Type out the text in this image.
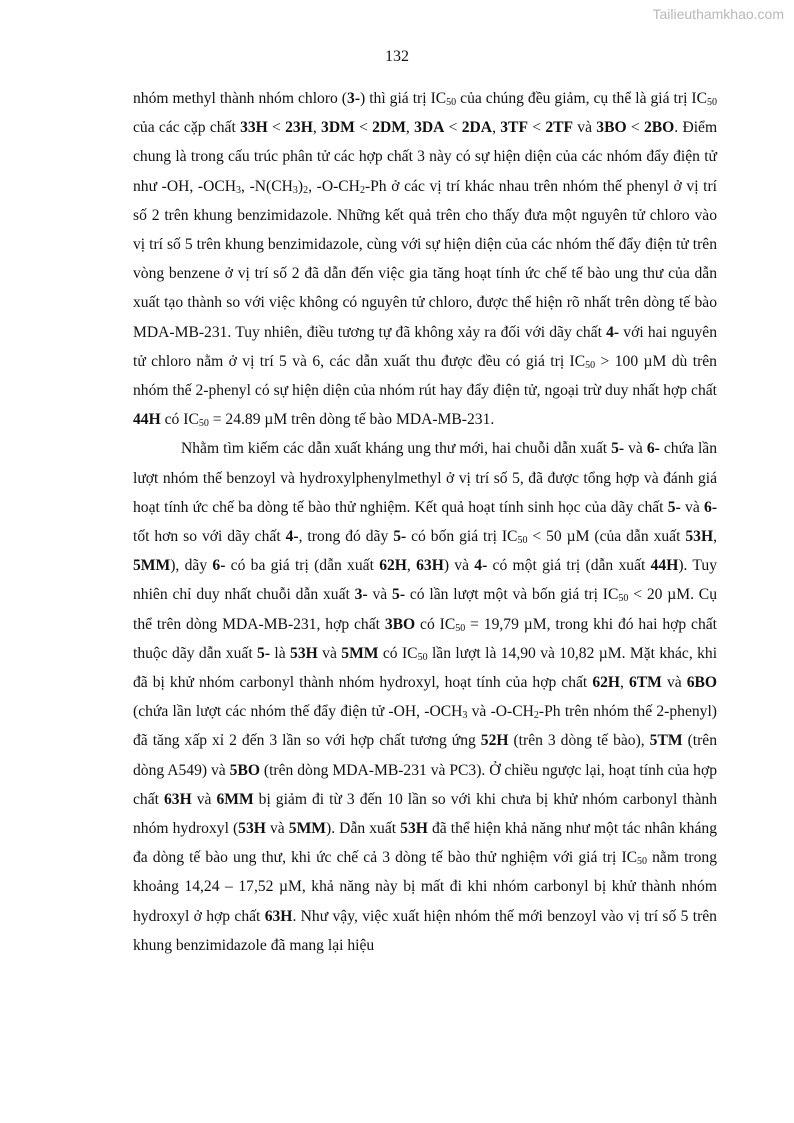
Tailieuthamkhao.com
132

nhóm methyl thành nhóm chloro (3-) thì giá trị $IC_{50}$ của chúng đều giảm, cụ thể là giá trị $IC_{50}$ của các cặp chất 33H < 23H, 3DM < 2DM, 3DA < 2DA, 3TF < 2TF và 3BO < 2BO. Điểm chung là trong cấu trúc phân tử các hợp chất 3 này có sự hiện diện của các nhóm đẩy điện tử như -OH, $-OCH_3$, $-N(CH_3)_2$, $-O-CH_2-Ph$ ở các vị trí khác nhau trên nhóm thế phenyl ở vị trí số 2 trên khung benzimidazole. Những kết quả trên cho thấy đưa một nguyên tử chloro vào vị trí số 5 trên khung benzimidazole, cùng với sự hiện diện của các nhóm thế đẩy điện tử trên vòng benzene ở vị trí số 2 đã dẫn đến việc gia tăng hoạt tính ức chế tế bào ung thư của dẫn xuất tạo thành so với việc không có nguyên tử chloro, được thể hiện rõ nhất trên dòng tế bào MDA-MB-231. Tuy nhiên, điều tương tự đã không xảy ra đối với dãy chất 4- với hai nguyên tử chloro nằm ở vị trí 5 và 6, các dẫn xuất thu được đều có giá trị $IC_{50} > 100$ µM dù trên nhóm thế 2-phenyl có sự hiện diện của nhóm rút hay đẩy điện tử, ngoại trừ duy nhất hợp chất 44H có $IC_{50} = 24.89$ µM trên dòng tế bào MDA-MB-231.

Nhằm tìm kiếm các dẫn xuất kháng ung thư mới, hai chuỗi dẫn xuất 5- và 6- chứa lần lượt nhóm thế benzoyl và hydroxylphenylmethyl ở vị trí số 5, đã được tổng hợp và đánh giá hoạt tính ức chế ba dòng tế bào thử nghiệm. Kết quả hoạt tính sinh học của dãy chất 5- và 6- tốt hơn so với dãy chất 4-, trong đó dãy 5- có bốn giá trị $IC_{50} < 50$ µM (của dẫn xuất 53H, 5MM), dãy 6- có ba giá trị (dẫn xuất 62H, 63H) và 4- có một giá trị (dẫn xuất 44H). Tuy nhiên chỉ duy nhất chuỗi dẫn xuất 3- và 5- có lần lượt một và bốn giá trị $IC_{50} < 20$ µM. Cụ thể trên dòng MDA-MB-231, hợp chất 3BO có $IC_{50} = 19,79$ µM, trong khi đó hai hợp chất thuộc dãy dẫn xuất 5- là 53H và 5MM có $IC_{50}$ lần lượt là 14,90 và 10,82 µM. Mặt khác, khi đã bị khử nhóm carbonyl thành nhóm hydroxyl, hoạt tính của hợp chất 62H, 6TM và 6BO (chứa lần lượt các nhóm thế đẩy điện tử -OH, $-OCH_3$ và $-O-CH_2-Ph$ trên nhóm thế 2-phenyl) đã tăng xấp xỉ 2 đến 3 lần so với hợp chất tương ứng 52H (trên 3 dòng tế bào), 5TM (trên dòng A549) và 5BO (trên dòng MDA-MB-231 và PC3). Ở chiều ngược lại, hoạt tính của hợp chất 63H và 6MM bị giảm đi từ 3 đến 10 lần so với khi chưa bị khử nhóm carbonyl thành nhóm hydroxyl (53H và 5MM). Dẫn xuất 53H đã thể hiện khả năng như một tác nhân kháng đa dòng tế bào ung thư, khi ức chế cả 3 dòng tế bào thử nghiệm với giá trị $IC_{50}$ nằm trong khoảng 14,24 – 17,52 µM, khả năng này bị mất đi khi nhóm carbonyl bị khử thành nhóm hydroxyl ở hợp chất 63H. Như vậy, việc xuất hiện nhóm thế mới benzoyl vào vị trí số 5 trên khung benzimidazole đã mang lại hiệu
